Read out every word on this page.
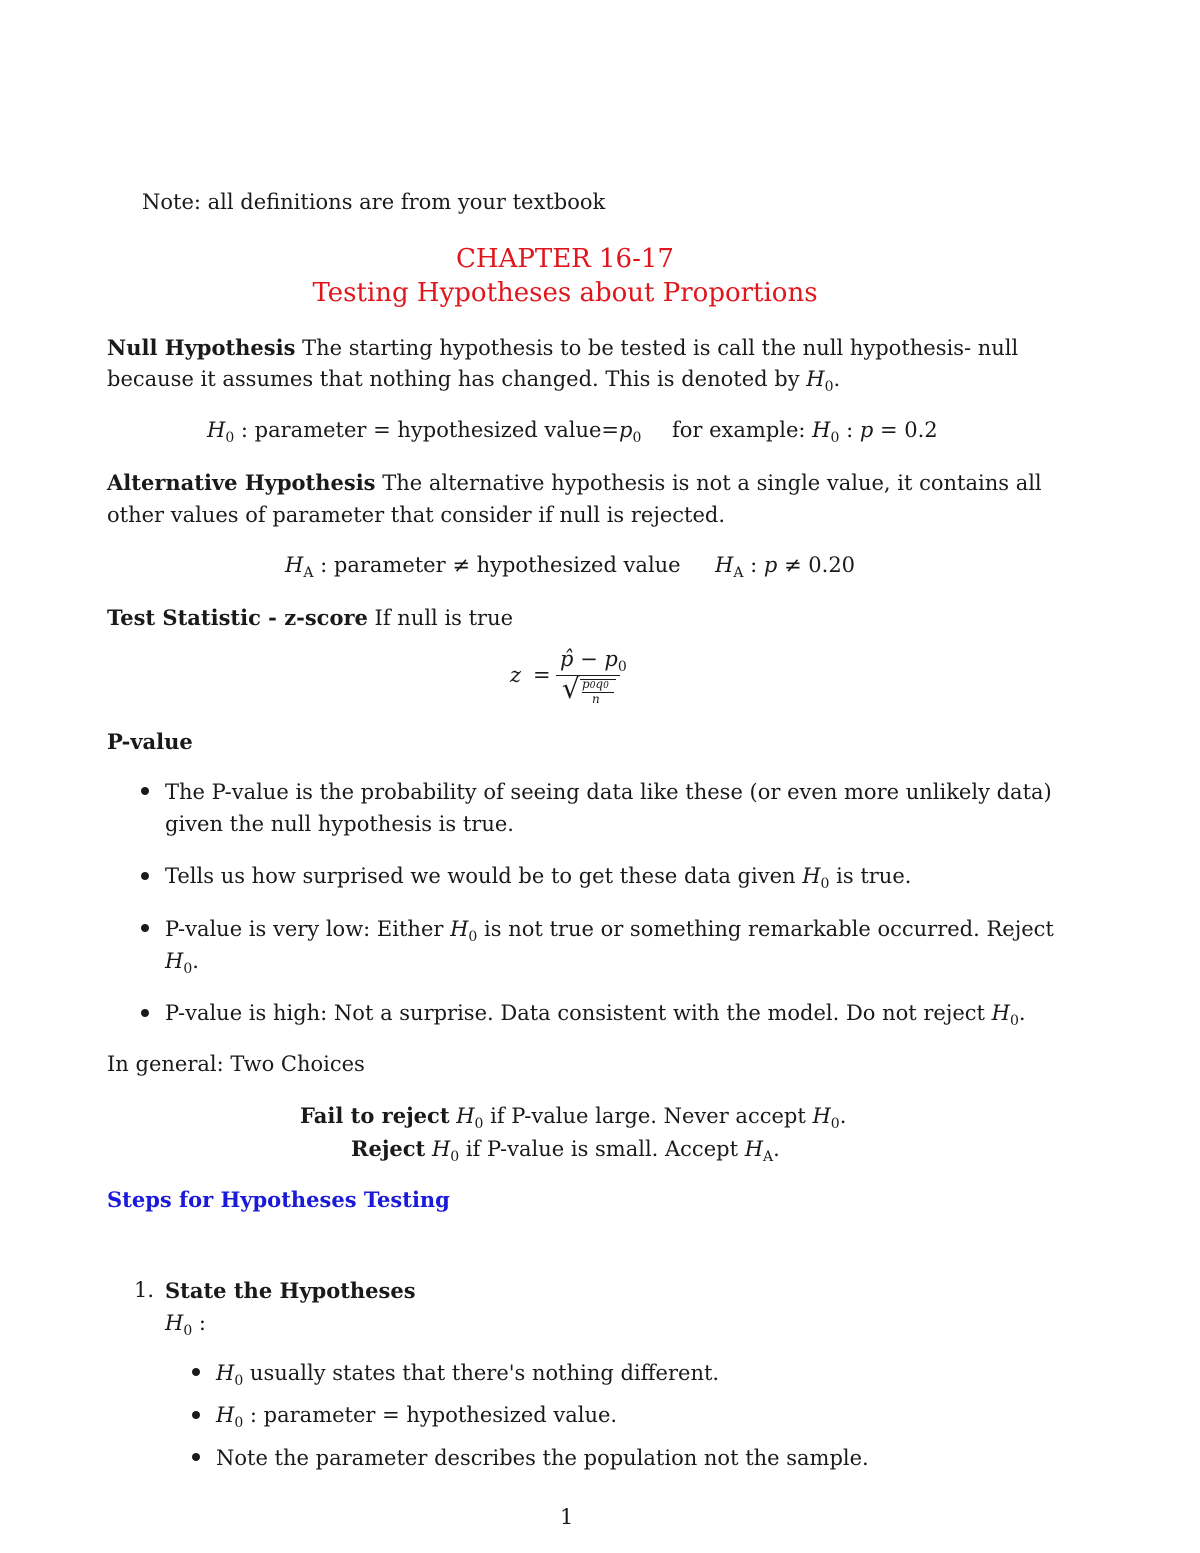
Note: all definitions are from your textbook
CHAPTER 16-17
Testing Hypotheses about Proportions
Null Hypothesis The starting hypothesis to be tested is call the null hypothesis- null
because it assumes that nothing has changed. This is denoted by $H_0$.
$H_0$ : parameter = hypothesized $value=p_0$ for example: $H_0$ : p = 0.2
Alternative Hypothesis The alternative hypothesis is not a single value, it contains all
other values of parameter that consider if null is rejected.
$H_A$ : parameter ≠ hypothesized value $H_A$ : p ≠ 0.20
Test Statistic - z-score If null is true
z =
p̂ − $p_0$
√ p0q0
n
P-value
The P-value is the probability of seeing data like these (or even more unlikely data)
given the null hypothesis is true.
Tells us how surprised we would be to get these data given $H_0$ is true.
P-value is very low: Either $H_0$ is not true or something remarkable occurred. Reject
$H_0$.
P-value is high: Not a surprise. Data consistent with the model. Do not reject $H_0$.
In general: Two Choices
Fail to reject $H_0$ if P-value large. Never accept $H_0$.
Reject $H_0$ if P-value is small. Accept $H_A$.
Steps for Hypotheses Testing
1. State the Hypotheses
$H_0$ :
$H_0$ usually states that there's nothing different.
$H_0$ : parameter = hypothesized value.
Note the parameter describes the population not the sample.
1
